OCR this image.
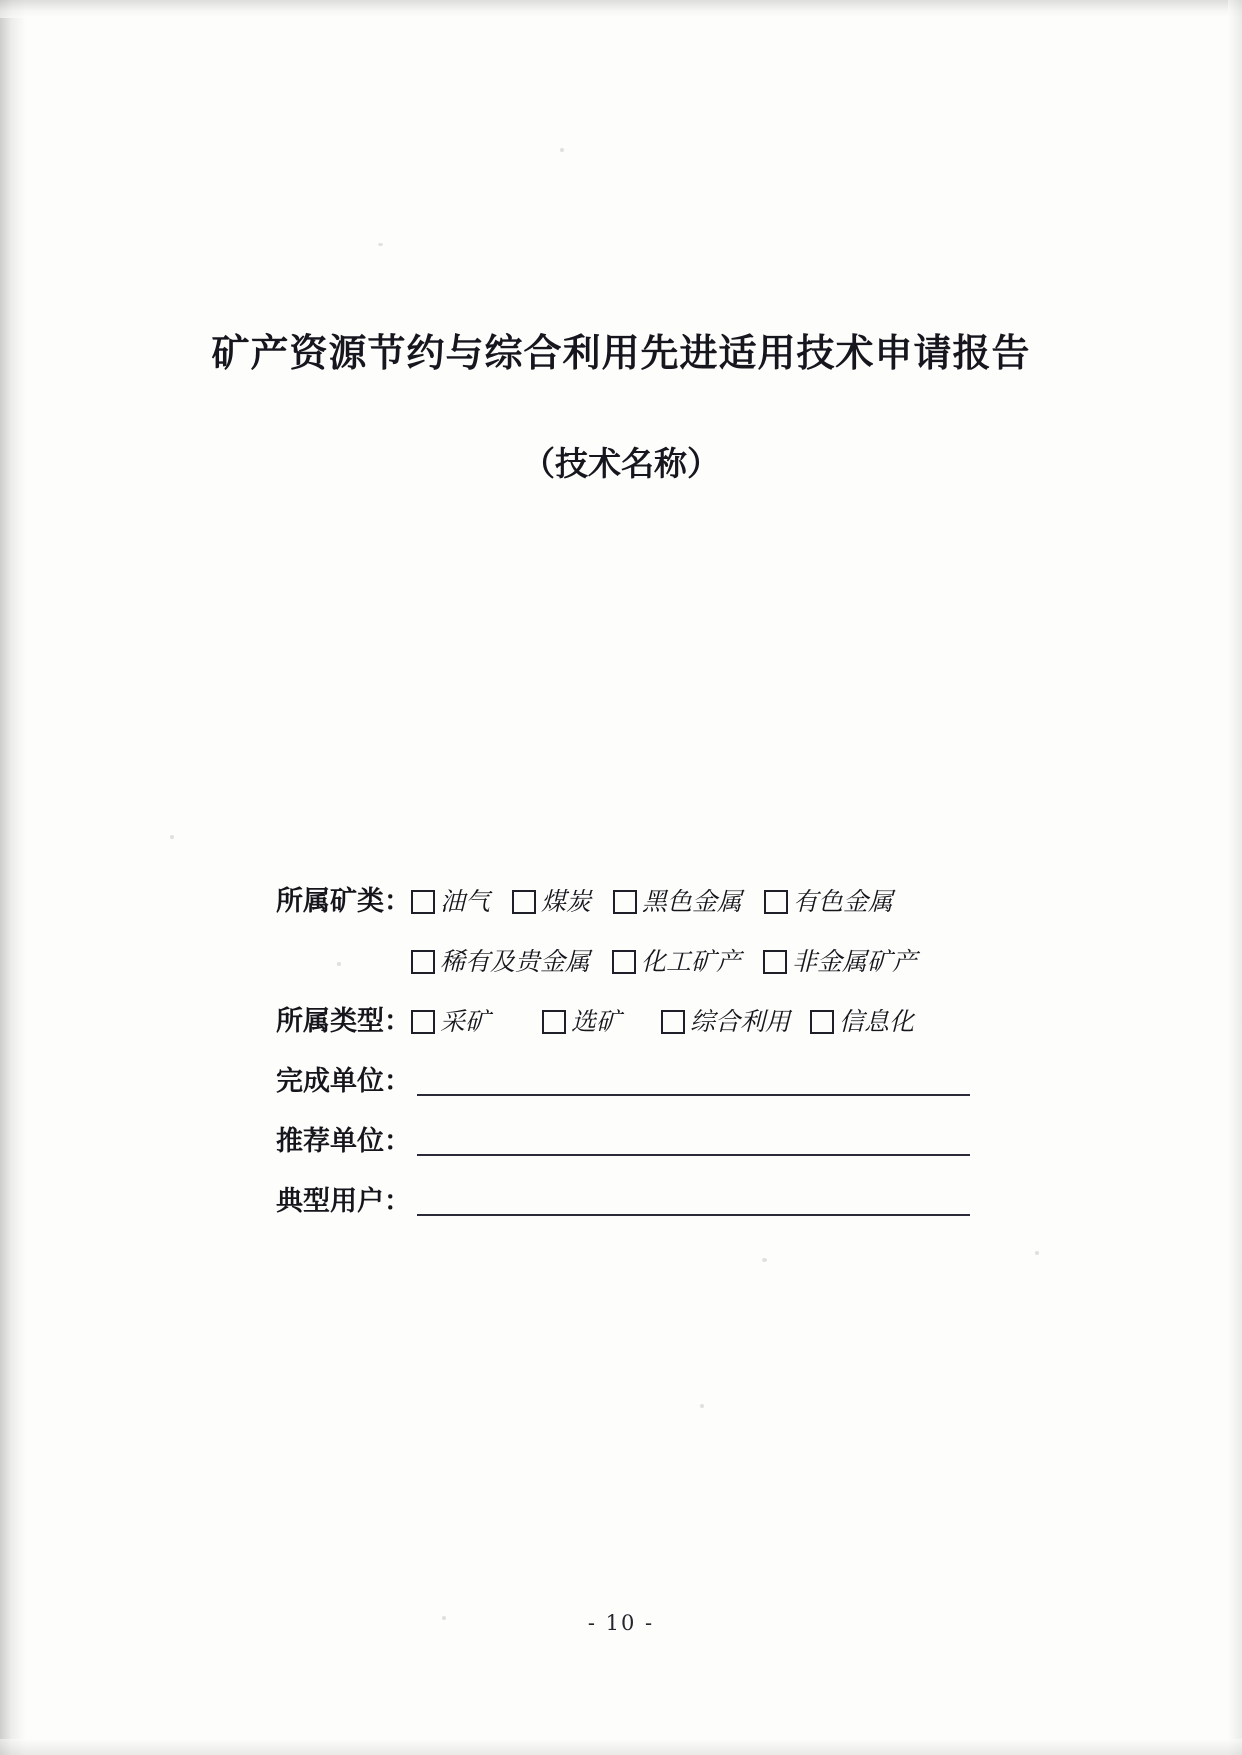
矿产资源节约与综合利用先进适用技术申请报告
（技术名称）
所属矿类： 油气 煤炭 黑色金属 有色金属
稀有及贵金属 化工矿产 非金属矿产
所属类型： 采矿	选矿	综合利用 信息化
完成单位：
推荐单位：
典型用户：
- 10 -
